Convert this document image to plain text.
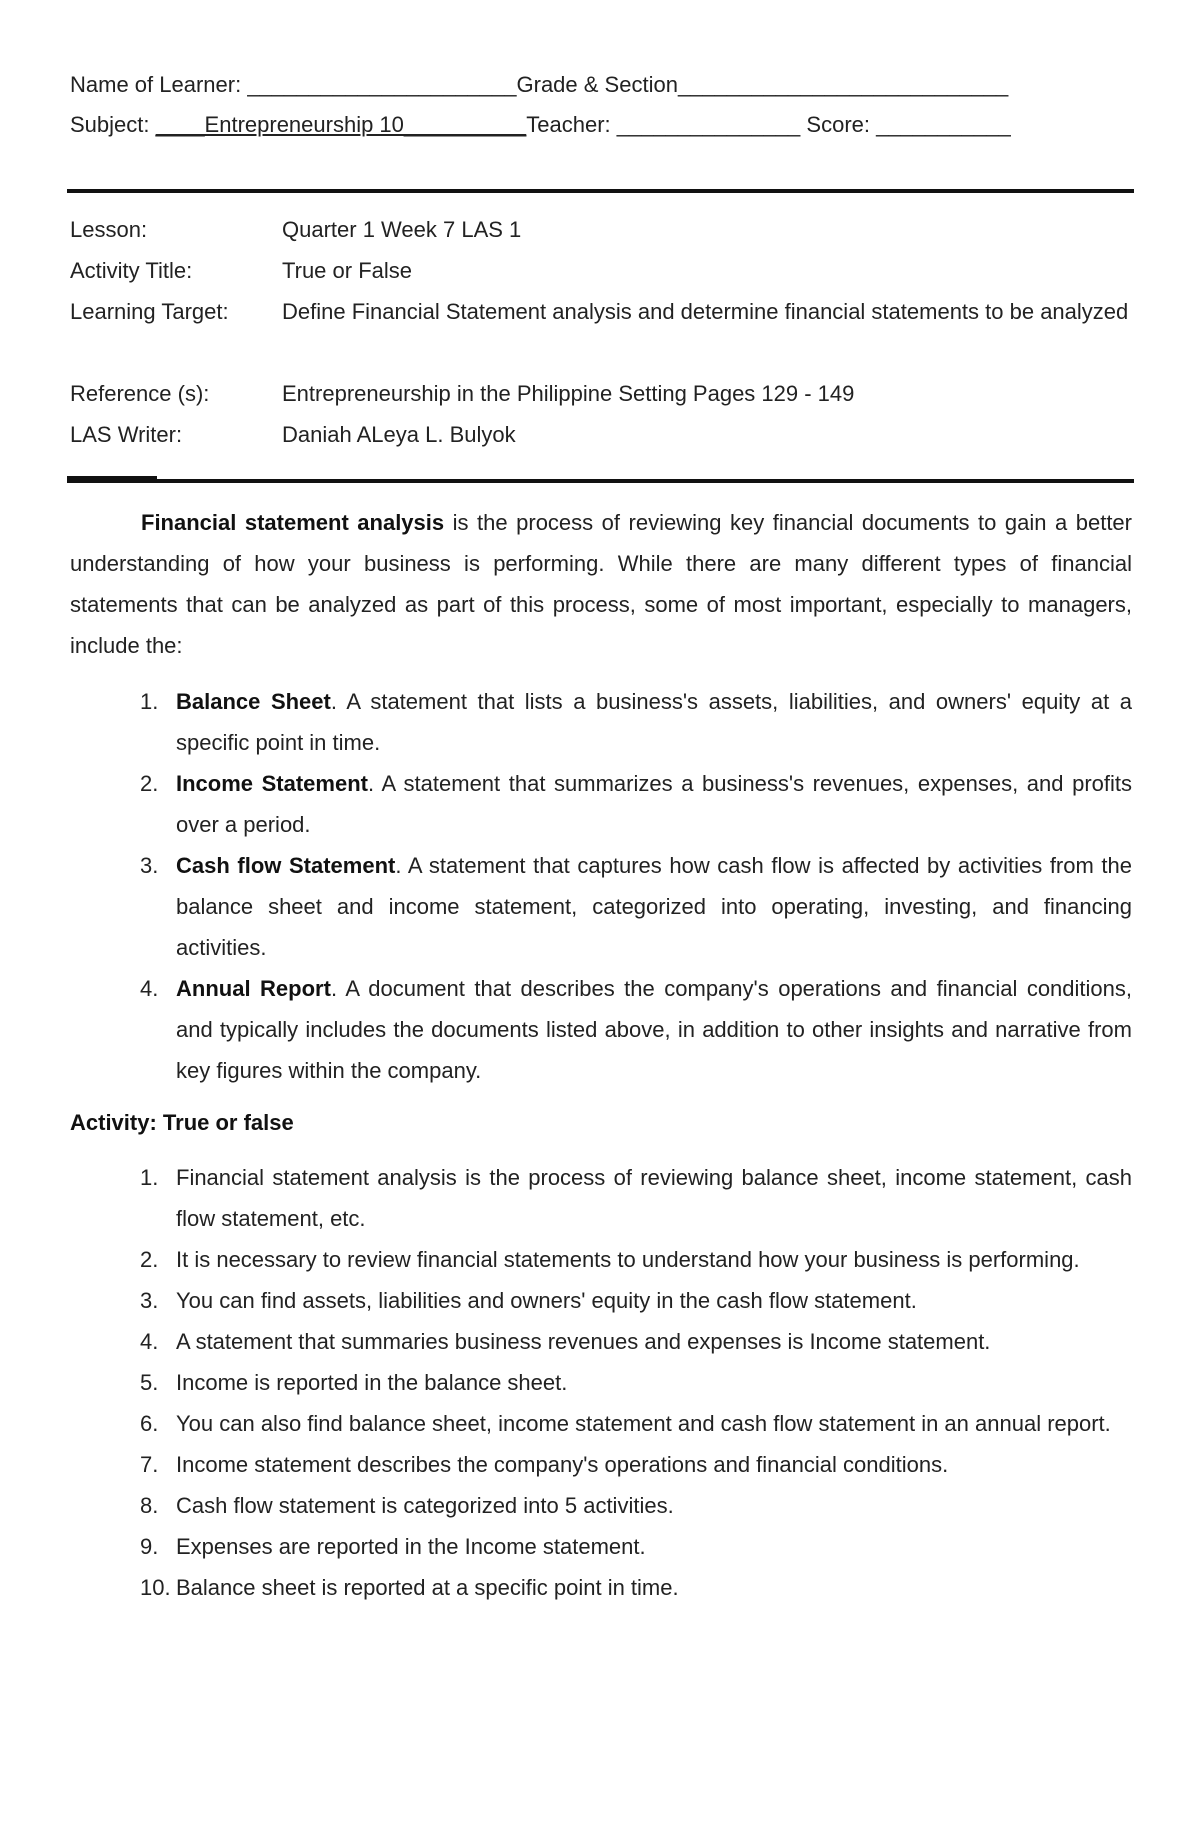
Name of Learner: ______________________Grade & Section___________________________
Subject: ____Entrepreneurship 10__________Teacher: _______________ Score: ___________
Lesson:	Quarter 1 Week 7 LAS 1
Activity Title:	True or False
Learning Target:	Define Financial Statement analysis and determine financial statements to be analyzed
Reference (s):	Entrepreneurship in the Philippine Setting Pages 129 - 149
LAS Writer:	Daniah ALeya L. Bulyok
Financial statement analysis is the process of reviewing key financial documents to gain a better understanding of how your business is performing. While there are many different types of financial statements that can be analyzed as part of this process, some of most important, especially to managers, include the:
1. Balance Sheet. A statement that lists a business's assets, liabilities, and owners' equity at a specific point in time.
2. Income Statement. A statement that summarizes a business's revenues, expenses, and profits over a period.
3. Cash flow Statement. A statement that captures how cash flow is affected by activities from the balance sheet and income statement, categorized into operating, investing, and financing activities.
4. Annual Report. A document that describes the company's operations and financial conditions, and typically includes the documents listed above, in addition to other insights and narrative from key figures within the company.
Activity: True or false
1. Financial statement analysis is the process of reviewing balance sheet, income statement, cash flow statement, etc.
2. It is necessary to review financial statements to understand how your business is performing.
3. You can find assets, liabilities and owners' equity in the cash flow statement.
4. A statement that summaries business revenues and expenses is Income statement.
5. Income is reported in the balance sheet.
6. You can also find balance sheet, income statement and cash flow statement in an annual report.
7. Income statement describes the company's operations and financial conditions.
8. Cash flow statement is categorized into 5 activities.
9. Expenses are reported in the Income statement.
10. Balance sheet is reported at a specific point in time.
